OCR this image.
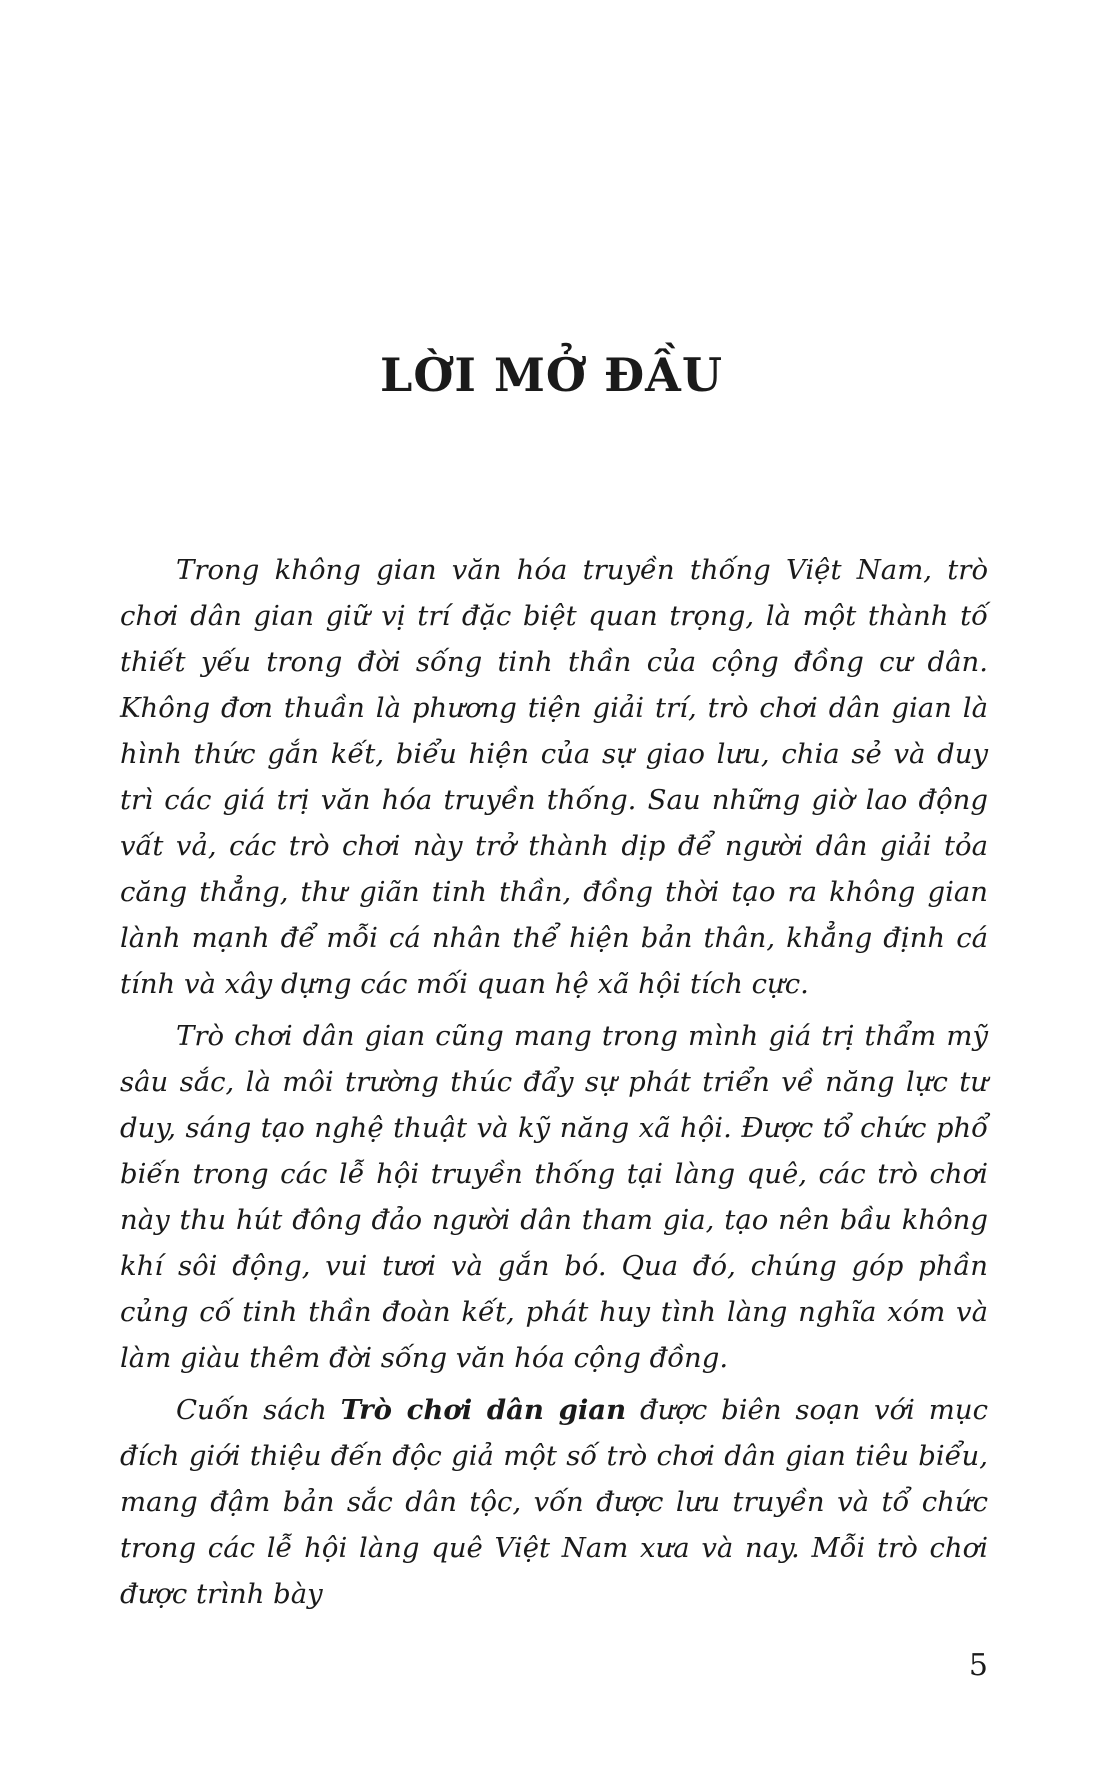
LỜI MỞ ĐẦU

Trong không gian văn hóa truyền thống Việt Nam, trò chơi dân gian giữ vị trí đặc biệt quan trọng, là một thành tố thiết yếu trong đời sống tinh thần của cộng đồng cư dân. Không đơn thuần là phương tiện giải trí, trò chơi dân gian là hình thức gắn kết, biểu hiện của sự giao lưu, chia sẻ và duy trì các giá trị văn hóa truyền thống. Sau những giờ lao động vất vả, các trò chơi này trở thành dịp để người dân giải tỏa căng thẳng, thư giãn tinh thần, đồng thời tạo ra không gian lành mạnh để mỗi cá nhân thể hiện bản thân, khẳng định cá tính và xây dựng các mối quan hệ xã hội tích cực.

Trò chơi dân gian cũng mang trong mình giá trị thẩm mỹ sâu sắc, là môi trường thúc đẩy sự phát triển về năng lực tư duy, sáng tạo nghệ thuật và kỹ năng xã hội. Được tổ chức phổ biến trong các lễ hội truyền thống tại làng quê, các trò chơi này thu hút đông đảo người dân tham gia, tạo nên bầu không khí sôi động, vui tươi và gắn bó. Qua đó, chúng góp phần củng cố tinh thần đoàn kết, phát huy tình làng nghĩa xóm và làm giàu thêm đời sống văn hóa cộng đồng.

Cuốn sách Trò chơi dân gian được biên soạn với mục đích giới thiệu đến độc giả một số trò chơi dân gian tiêu biểu, mang đậm bản sắc dân tộc, vốn được lưu truyền và tổ chức trong các lễ hội làng quê Việt Nam xưa và nay. Mỗi trò chơi được trình bày

5
